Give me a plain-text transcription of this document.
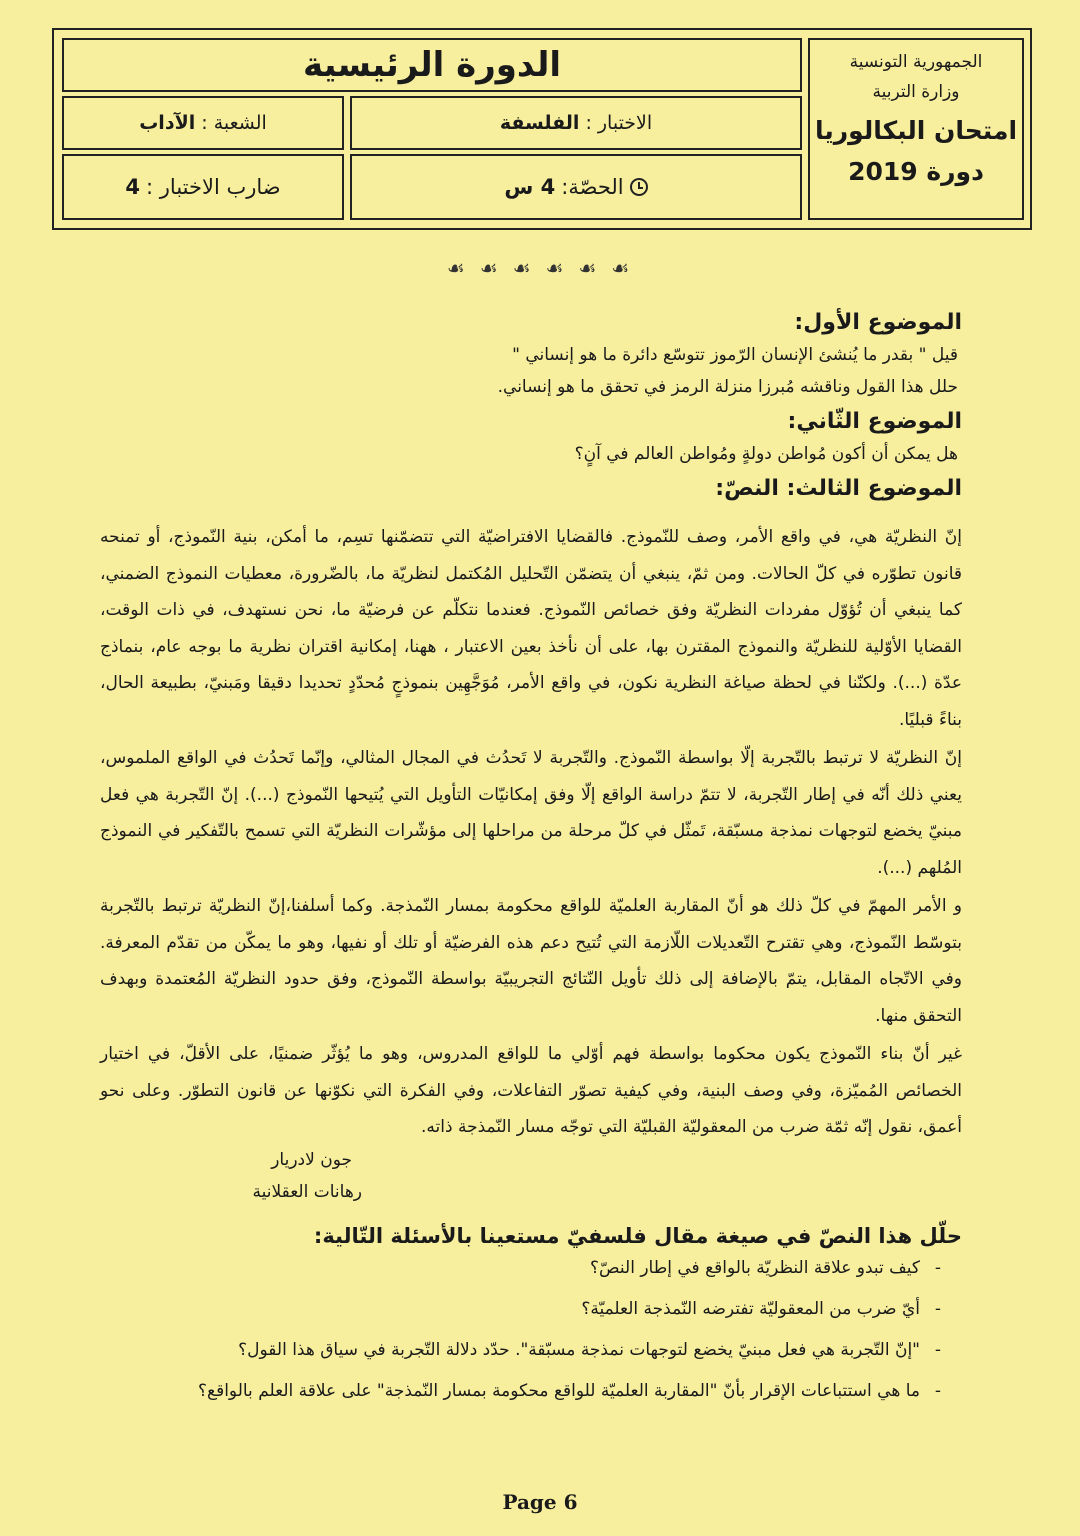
الدورة الرئيسية
الاختبار :
الفلسفة
الشعبة :
الآداب
الحصّة:
4 س
ضارب الاختبار :
4
الجمهورية التونسية
وزارة التربية
امتحان البكالوريا
دورة 2019
☙ ☙ ☙ ☙ ☙ ☙
الموضوع الأول:
قيل " بقدر ما يُنشئ الإنسان الرّموز تتوسّع دائرة ما هو إنساني "
حلل هذا القول وناقشه مُبرزا منزلة الرمز في تحقق ما هو إنساني.
الموضوع الثّاني:
هل يمكن أن أكون مُواطن دولةٍ ومُواطن العالم في آنٍ؟
الموضوع الثالث: النصّ:

إنّ النظريّة هي، في واقع الأمر، وصف للنّموذج. فالقضايا الافتراضيّة التي تتضمّنها تسِم، ما أمكن، بنية النّموذج، أو تمنحه قانون تطوّره في كلّ الحالات. ومن ثمّ، ينبغي أن يتضمّن التّحليل المُكتمل لنظريّة ما، بالضّرورة، معطيات النموذج الضمني، كما ينبغي أن تُؤوّل مفردات النظريّة وفق خصائص النّموذج. فعندما نتكلّم عن فرضيّة ما، نحن نستهدف، في ذات الوقت، القضايا الأوّلية للنظريّة والنموذج المقترن بها، على أن نأخذ بعين الاعتبار ، ههنا، إمكانية اقتران نظرية ما بوجه عام، بنماذج عدّة (...). ولكنّنا في لحظة صياغة النظرية نكون، في واقع الأمر، مُوَجَّهِين بنموذجٍ مُحدّدٍ تحديدا دقيقا ومَبنيّ، بطبيعة الحال، بناءً قبليًا.

إنّ النظريّة لا ترتبط بالتّجربة إلّا بواسطة النّموذج. والتّجربة لا تَحدُث في المجال المثالي، وإنّما تَحدُث في الواقع الملموس، يعني ذلك أنّه في إطار التّجربة، لا تتمّ دراسة الواقع إلّا وفق إمكانيّات التأويل التي يُتيحها النّموذج (...). إنّ التّجربة هي فعل مبنيّ يخضع لتوجهات نمذجة مسبّقة، تَمثّل في كلّ مرحلة من مراحلها إلى مؤشّرات النظريّة التي تسمح بالتّفكير في النموذج المُلهم (...).

و الأمر المهمّ في كلّ ذلك هو أنّ المقاربة العلميّة للواقع محكومة بمسار النّمذجة. وكما أسلفنا،إنّ النظريّة ترتبط بالتّجربة بتوسّط النّموذج، وهي تقترح التّعديلات اللّازمة التي تُتيح دعم هذه الفرضيّة أو تلك أو نفيها، وهو ما يمكّن من تقدّم المعرفة. وفي الاتّجاه المقابل، يتمّ بالإضافة إلى ذلك تأويل النّتائج التجريبيّة بواسطة النّموذج، وفق حدود النظريّة المُعتمدة وبهدف التحقق منها.

غير أنّ بناء النّموذج يكون محكوما بواسطة فهم أوّلي ما للواقع المدروس، وهو ما يُؤثّر ضمنيًا، على الأقلّ، في اختيار الخصائص المُميّزة، وفي وصف البنية، وفي كيفية تصوّر التفاعلات، وفي الفكرة التي نكوّنها عن قانون التطوّر. وعلى نحو أعمق، نقول إنّه ثمّة ضرب من المعقوليّة القبليّة التي توجّه مسار النّمذجة ذاته.

جون لادريار
رهانات العقلانية
حلّل هذا النصّ في صيغة مقال فلسفيّ مستعينا بالأسئلة التّالية:
-كيف تبدو علاقة النظريّة بالواقع في إطار النصّ؟
-أيّ ضرب من المعقوليّة تفترضه النّمذجة العلميّة؟
-"إنّ التّجربة هي فعل مبنيّ يخضع لتوجهات نمذجة مسبّقة". حدّد دلالة التّجربة في سياق هذا القول؟
-ما هي استتباعات الإقرار بأنّ "المقاربة العلميّة للواقع محكومة بمسار النّمذجة" على علاقة العلم بالواقع؟
Page 6
